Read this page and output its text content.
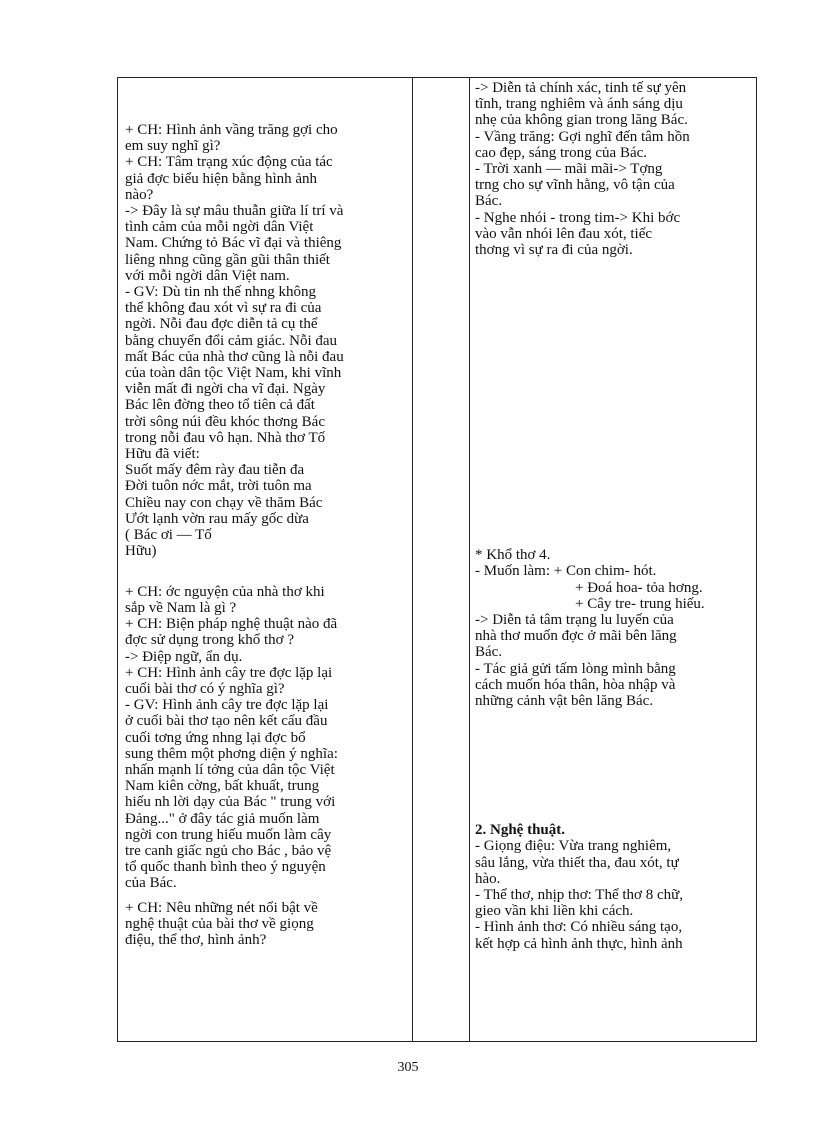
+ CH: Hình ảnh vầng trăng gợi cho
em suy nghĩ gì?
+ CH: Tâm trạng xúc động của tác
giả đợc biểu hiện bằng hình ảnh
nào?
-> Đây là sự mâu thuẫn giữa lí trí và
tình cảm của mỗi ngời dân Việt
Nam. Chứng tỏ Bác vĩ đại và thiêng
liêng nhng cũng gần gũi thân thiết
với mỗi ngời dân Việt nam.
- GV: Dù tin nh thế nhng không
thể không đau xót vì sự ra đi của
ngời. Nỗi đau đợc diễn tả cụ thể
bằng chuyển đổi cảm giác. Nỗi đau
mất Bác của nhà thơ cũng là nỗi đau
của toàn dân tộc Việt Nam, khi vĩnh
viễn mất đi ngời cha vĩ đại. Ngày
Bác lên đờng theo tổ tiên cả đất
trời sông núi đều khóc thơng Bác
trong nỗi đau vô hạn. Nhà thơ Tố
Hữu đã viết:
Suốt mấy đêm rày đau tiễn đa
Đời tuôn nớc mắt, trời tuôn ma
Chiều nay con chạy về thăm Bác
Ướt lạnh vờn rau mấy gốc dừa
( Bác ơi — Tố
Hữu)

+ CH: ớc nguyện của nhà thơ khi
sắp về Nam là gì ?
+ CH: Biện pháp nghệ thuật nào đã
đợc sử dụng trong khổ thơ ?
-> Điệp ngữ, ẩn dụ.
+ CH: Hình ảnh cây tre đợc lặp lại
cuối bài thơ có ý nghĩa gì?
- GV: Hình ảnh cây tre đợc lặp lại
ở cuối bài thơ tạo nên kết cấu đầu
cuối tơng ứng nhng lại đợc bổ
sung thêm một phơng diện ý nghĩa:
nhấn mạnh lí tởng của dân tộc Việt
Nam kiên cờng, bất khuất, trung
hiếu nh lời dạy của Bác " trung với
Đảng..." ở đây tác giả muốn làm
ngời con trung hiếu muốn làm cây
tre canh giấc ngủ cho Bác , bảo vệ
tổ quốc thanh bình theo ý nguyện
của Bác.
+ CH: Nêu những nét nổi bật về
nghệ thuật của bài thơ về giọng
điệu, thể thơ, hình ảnh?

-> Diễn tả chính xác, tinh tế sự yên
tĩnh, trang nghiêm và ánh sáng dịu
nhẹ của không gian trong lăng Bác.
- Vầng trăng: Gợi nghĩ đến tâm hồn
cao đẹp, sáng trong của Bác.
- Trời xanh — mãi mãi-> Tợng
trng cho sự vĩnh hằng, vô tận của
Bác.
- Nghe nhói - trong tim-> Khi bớc
vào vẫn nhói lên đau xót, tiếc
thơng vì sự ra đi của ngời.
* Khổ thơ 4.
- Muốn làm: + Con chim- hót.
+ Đoá hoa- tỏa hơng.
+ Cây tre- trung hiếu.
-> Diễn tả tâm trạng lu luyến của
nhà thơ muốn đợc ở mãi bên lăng
Bác.
- Tác giả gửi tấm lòng mình bằng
cách muốn hóa thân, hòa nhập và
những cảnh vật bên lăng Bác.
2. Nghệ thuật.
- Giọng điệu: Vừa trang nghiêm,
sâu lắng, vừa thiết tha, đau xót, tự
hào.
- Thể thơ, nhịp thơ: Thể thơ 8 chữ,
gieo vần khi liền khi cách.
- Hình ảnh thơ: Có nhiều sáng tạo,
kết hợp cả hình ảnh thực, hình ảnh
305
